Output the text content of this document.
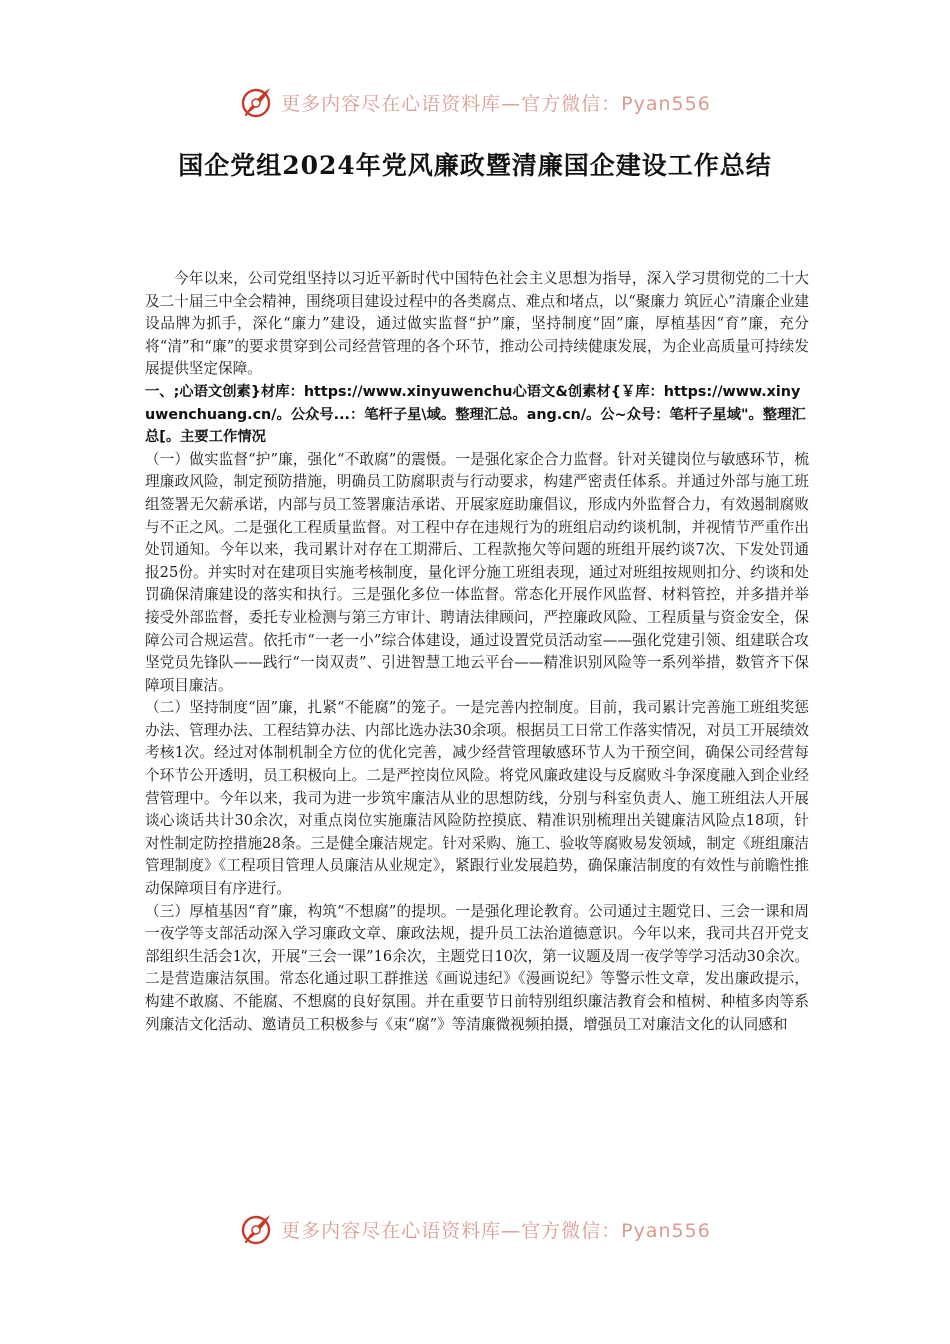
更多内容尽在心语资料库—官方微信：Pyan556
国企党组2024年党风廉政暨清廉国企建设工作总结

今年以来，公司党组坚持以习近平新时代中国特色社会主义思想为指导，深入学习贯彻党的二十大及二十届三中全会精神，围绕项目建设过程中的各类腐点、难点和堵点，以“聚廉力 筑匠心”清廉企业建设品牌为抓手，深化“廉力”建设，通过做实监督“护”廉，坚持制度“固”廉，厚植基因“育”廉，充分将“清”和“廉”的要求贯穿到公司经营管理的各个环节，推动公司持续健康发展，为企业高质量可持续发展提供坚定保障。

一、;心语文创素}材库：https://www.xinyuwenchu心语文&创素材{￥库：https://www.xinyuwenchuang.cn/。公众号...：笔杆子星\域。整理汇总。ang.cn/。公~众号：笔杆子星域"。整理汇总[。主要工作情况

（一）做实监督“护”廉，强化“不敢腐”的震慑。一是强化家企合力监督。针对关键岗位与敏感环节，梳理廉政风险，制定预防措施，明确员工防腐职责与行动要求，构建严密责任体系。并通过外部与施工班组签署无欠薪承诺，内部与员工签署廉洁承诺、开展家庭助廉倡议，形成内外监督合力，有效遏制腐败与不正之风。二是强化工程质量监督。对工程中存在违规行为的班组启动约谈机制，并视情节严重作出处罚通知。今年以来，我司累计对存在工期滞后、工程款拖欠等问题的班组开展约谈7次、下发处罚通报25份。并实时对在建项目实施考核制度，量化评分施工班组表现，通过对班组按规则扣分、约谈和处罚确保清廉建设的落实和执行。三是强化多位一体监督。常态化开展作风监督、材料管控，并多措并举接受外部监督，委托专业检测与第三方审计、聘请法律顾问，严控廉政风险、工程质量与资金安全，保障公司合规运营。依托市“一老一小”综合体建设，通过设置党员活动室——强化党建引领、组建联合攻坚党员先锋队——践行“一岗双责”、引进智慧工地云平台——精准识别风险等一系列举措，数管齐下保障项目廉洁。

（二）坚持制度“固”廉，扎紧“不能腐”的笼子。一是完善内控制度。目前，我司累计完善施工班组奖惩办法、管理办法、工程结算办法、内部比选办法30余项。根据员工日常工作落实情况，对员工开展绩效考核1次。经过对体制机制全方位的优化完善，减少经营管理敏感环节人为干预空间，确保公司经营每个环节公开透明，员工积极向上。二是严控岗位风险。将党风廉政建设与反腐败斗争深度融入到企业经营管理中。今年以来，我司为进一步筑牢廉洁从业的思想防线，分别与科室负责人、施工班组法人开展谈心谈话共计30余次，对重点岗位实施廉洁风险防控摸底、精准识别梳理出关键廉洁风险点18项，针对性制定防控措施28条。三是健全廉洁规定。针对采购、施工、验收等腐败易发领域，制定《班组廉洁管理制度》《工程项目管理人员廉洁从业规定》，紧跟行业发展趋势，确保廉洁制度的有效性与前瞻性推动保障项目有序进行。

（三）厚植基因“育”廉，构筑“不想腐”的提坝。一是强化理论教育。公司通过主题党日、三会一课和周一夜学等支部活动深入学习廉政文章、廉政法规，提升员工法治道德意识。今年以来，我司共召开党支部组织生活会1次，开展“三会一课”16余次，主题党日10次，第一议题及周一夜学等学习活动30余次。二是营造廉洁氛围。常态化通过职工群推送《画说违纪》《漫画说纪》等警示性文章，发出廉政提示，构建不敢腐、不能腐、不想腐的良好氛围。并在重要节日前特别组织廉洁教育会和植树、种植多肉等系列廉洁文化活动、邀请员工积极参与《束“腐”》等清廉微视频拍摄，增强员工对廉洁文化的认同感和

更多内容尽在心语资料库—官方微信：Pyan556
